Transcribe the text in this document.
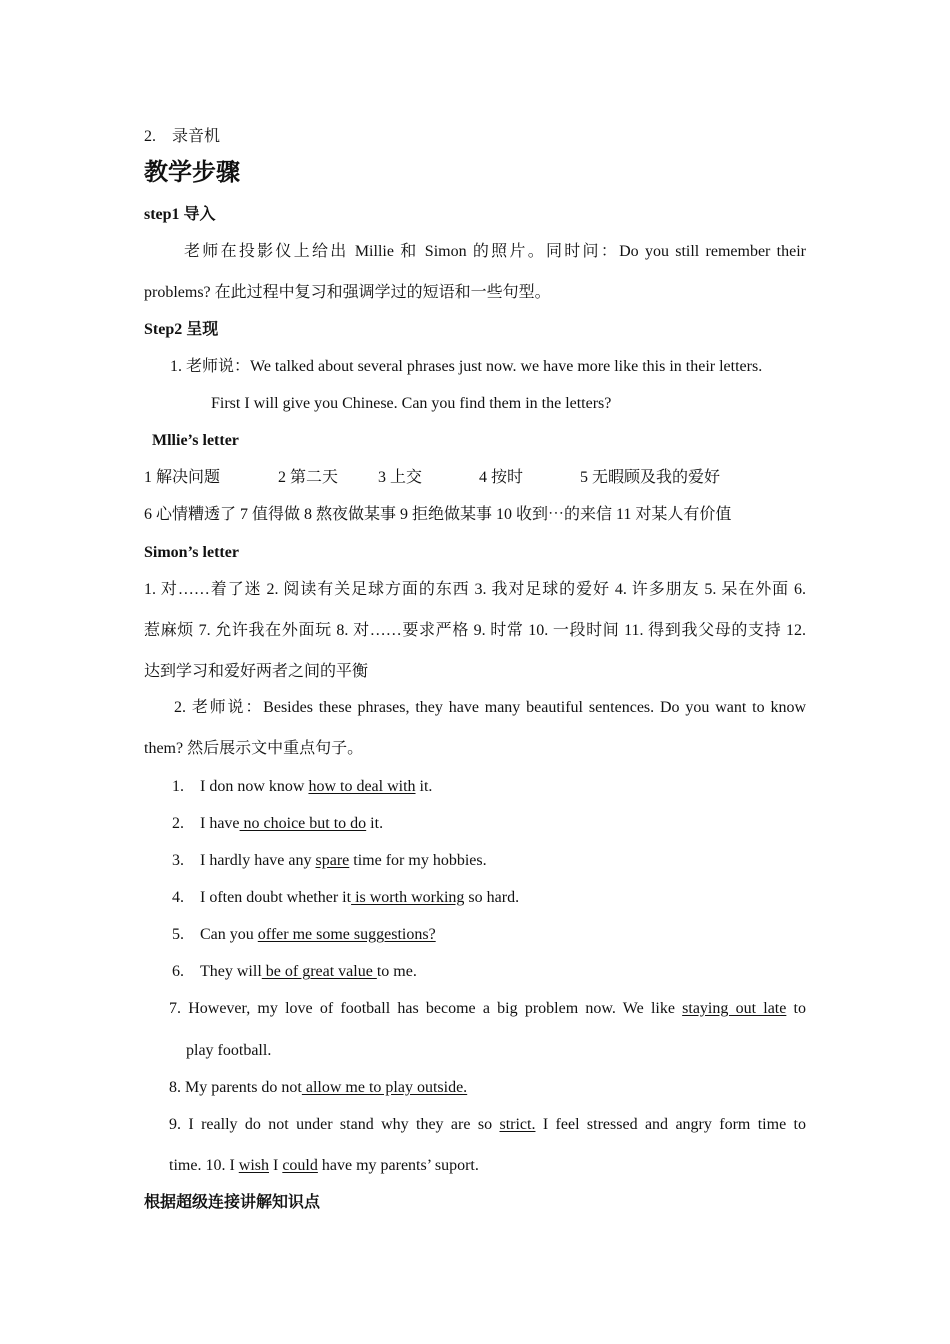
2. 录音机
教学步骤
step1 导入
老师在投影仪上给出 Millie 和 Simon 的照片。同时问：Do you still remember their
problems? 在此过程中复习和强调学过的短语和一些句型。
Step2 呈现
1. 老师说：We talked about several phrases just now. we have more like this in their letters.
First I will give you Chinese. Can you find them in the letters?
Mllie’s letter
1 解决问题	2 第二天 3 上交	4 按时	5 无暇顾及我的爱好
6 心情糟透了 7 值得做 8 熬夜做某事 9 拒绝做某事 10 收到⋯的来信 11 对某人有价值
Simon’s letter
1. 对……着了迷 2. 阅读有关足球方面的东西 3. 我对足球的爱好 4. 许多朋友 5. 呆在外面 6.
惹麻烦 7. 允许我在外面玩 8. 对……要求严格 9. 时常 10. 一段时间 11. 得到我父母的支持 12.
达到学习和爱好两者之间的平衡
2. 老师说：Besides these phrases, they have many beautiful sentences. Do you want to know
them? 然后展示文中重点句子。
1. I don now know how to deal with it.
2. I have no choice but to do it.
3. I hardly have any spare time for my hobbies.
4. I often doubt whether it is worth working so hard.
5. Can you offer me some suggestions?
6. They will be of great value to me.
7. However, my love of football has become a big problem now. We like staying out late to
play football.
8. My parents do not allow me to play outside.
9. I really do not under stand why they are so strict. I feel stressed and angry form time to
time. 10. I wish I could have my parents’ suport.
根据超级连接讲解知识点
